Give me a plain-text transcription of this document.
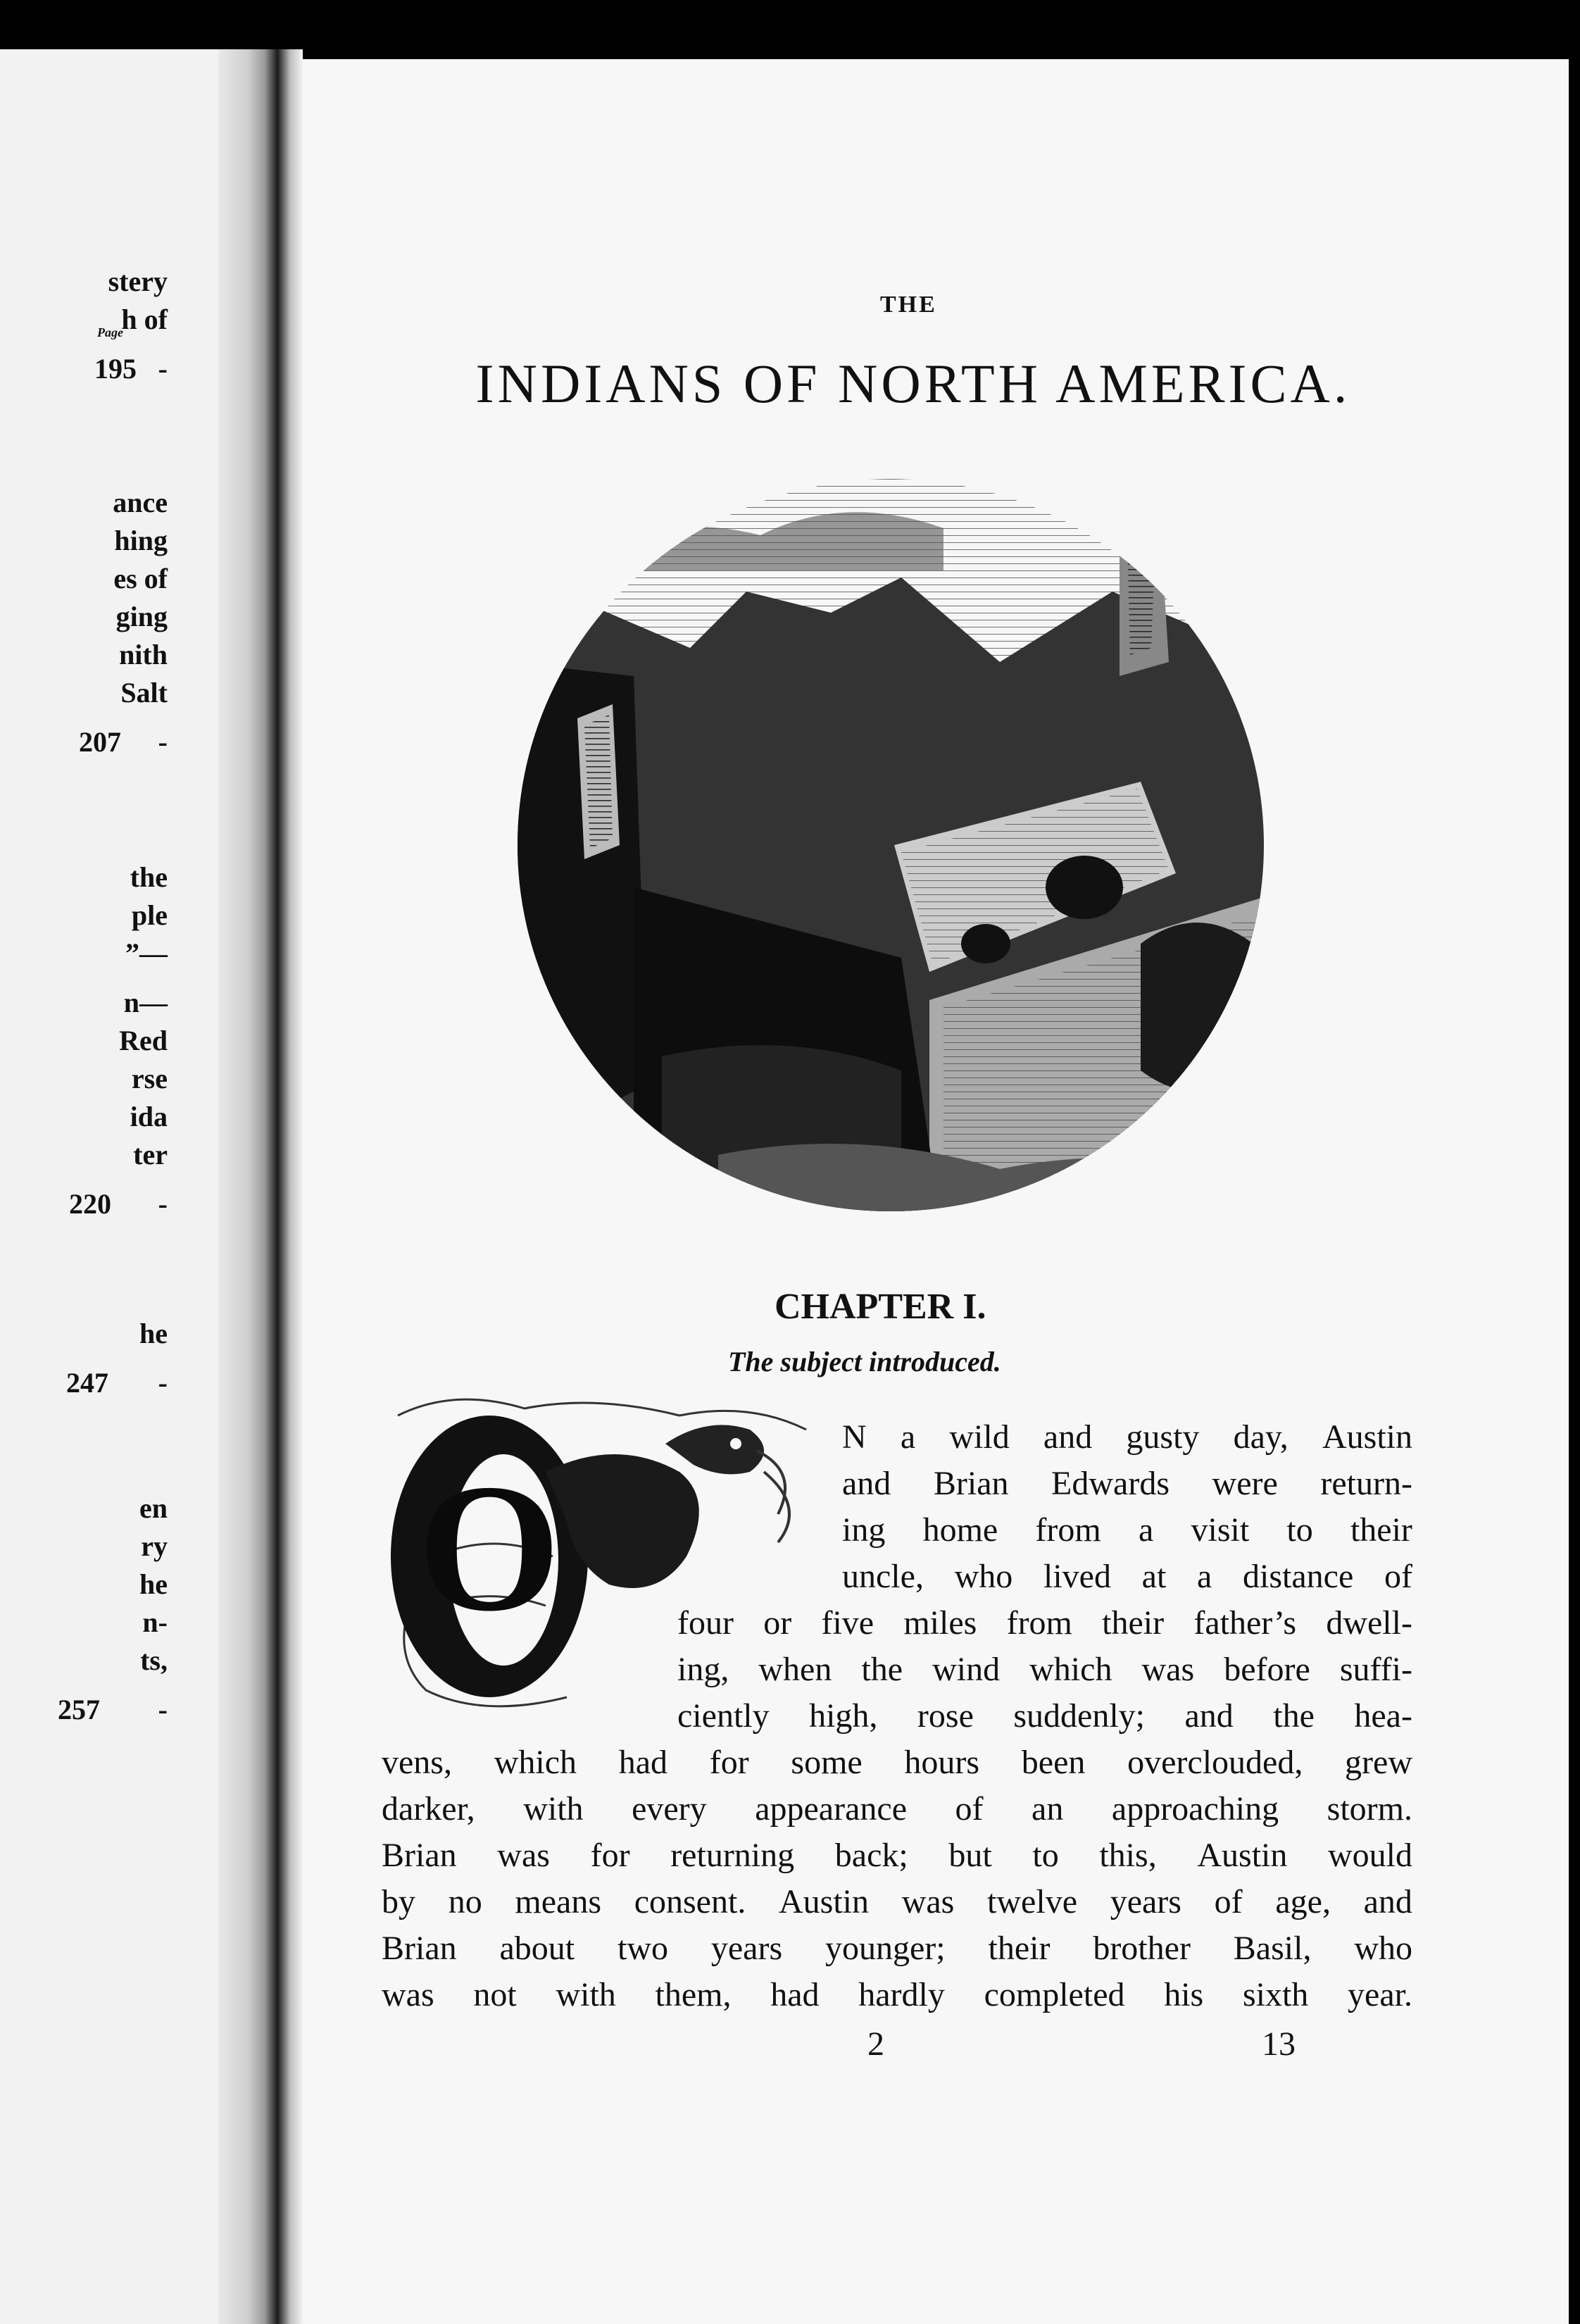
Page
stery
h of
-
ance
hing
es of
ging
nith
Salt
-
the
ple
”—
n—
Red
rse
ida
ter
-
he
-
en
ry
he
n-
ts,
-
195
207
220
247
257
THE
INDIANS OF NORTH AMERICA.
CHAPTER I.
The subject introduced.
O
N a wild and gusty day, Austin
and Brian Edwards were return-
ing home from a visit to their
uncle, who lived at a distance of
four or five miles from their father’s dwell-
ing, when the wind which was before suffi-
ciently high, rose suddenly; and the hea-
vens, which had for some hours been overclouded, grew
darker, with every appearance of an approaching storm.
Brian was for returning back; but to this, Austin would
by no means consent. Austin was twelve years of age, and
Brian about two years younger; their brother Basil, who
was not with them, had hardly completed his sixth year.
2	13
